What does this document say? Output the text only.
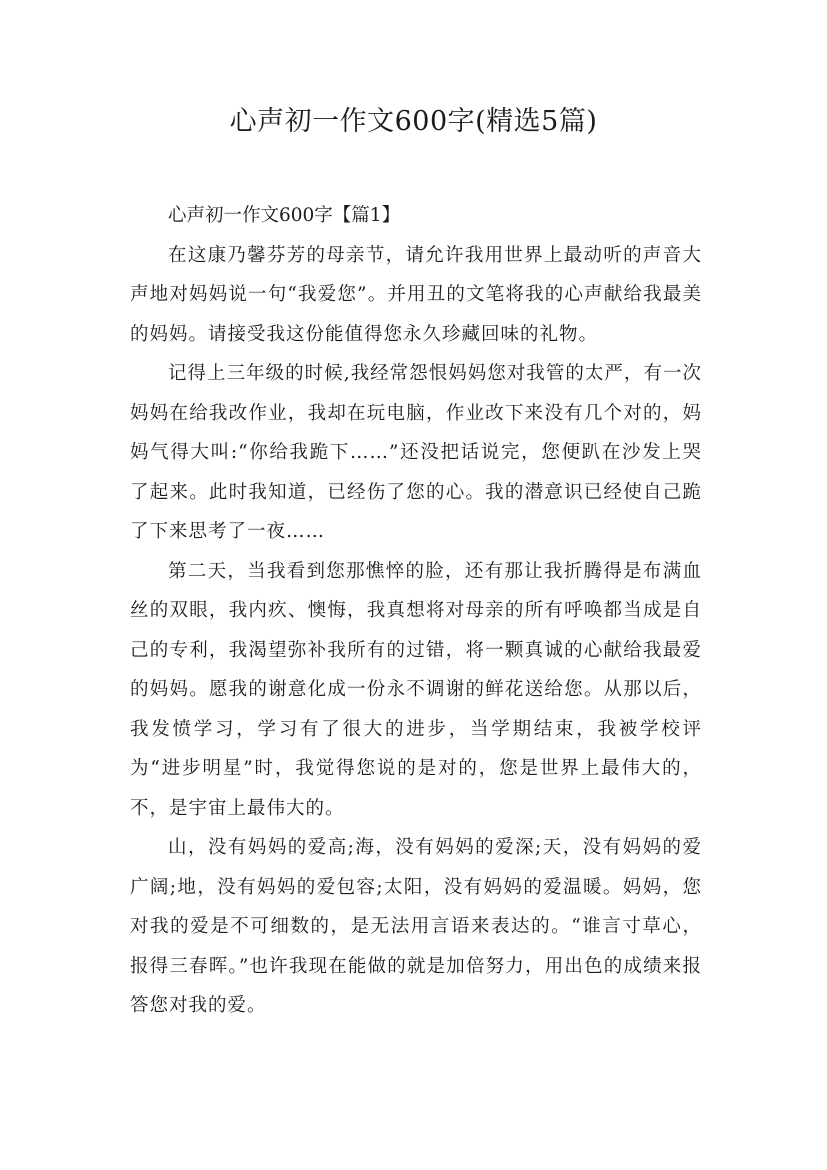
心声初一作文600字(精选5篇)

心声初一作文600字【篇1】

在这康乃馨芬芳的母亲节，请允许我用世界上最动听的声音大声地对妈妈说一句“我爱您”。并用丑的文笔将我的心声献给我最美的妈妈。请接受我这份能值得您永久珍藏回味的礼物。

记得上三年级的时候,我经常怨恨妈妈您对我管的太严，有一次妈妈在给我改作业，我却在玩电脑，作业改下来没有几个对的，妈妈气得大叫:“你给我跪下……”还没把话说完，您便趴在沙发上哭了起来。此时我知道，已经伤了您的心。我的潜意识已经使自己跪了下来思考了一夜……

第二天，当我看到您那憔悴的脸，还有那让我折腾得是布满血丝的双眼，我内疚、懊悔，我真想将对母亲的所有呼唤都当成是自己的专利，我渴望弥补我所有的过错，将一颗真诚的心献给我最爱的妈妈。愿我的谢意化成一份永不调谢的鲜花送给您。从那以后，我发愤学习，学习有了很大的进步，当学期结束，我被学校评为“进步明星”时，我觉得您说的是对的，您是世界上最伟大的，不，是宇宙上最伟大的。

山，没有妈妈的爱高;海，没有妈妈的爱深;天，没有妈妈的爱广阔;地，没有妈妈的爱包容;太阳，没有妈妈的爱温暖。妈妈，您对我的爱是不可细数的，是无法用言语来表达的。“谁言寸草心，报得三春晖。”也许我现在能做的就是加倍努力，用出色的成绩来报答您对我的爱。
